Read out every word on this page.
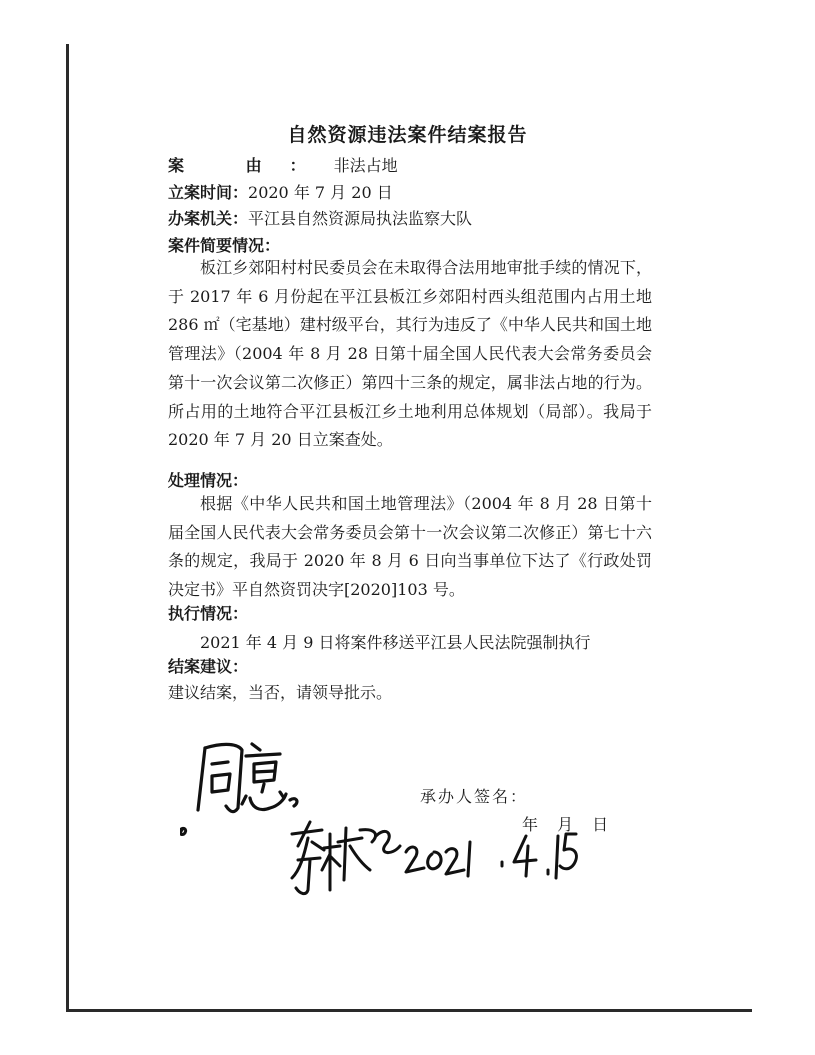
自然资源违法案件结案报告
案 由：非法占地
立案时间：2020 年 7 月 20 日
办案机关：平江县自然资源局执法监察大队
案件简要情况：
板江乡郊阳村村民委员会在未取得合法用地审批手续的情况下，于 2017 年 6 月份起在平江县板江乡郊阳村西头组范围内占用土地 286 ㎡（宅基地）建村级平台，其行为违反了《中华人民共和国土地管理法》（2004 年 8 月 28 日第十届全国人民代表大会常务委员会第十一次会议第二次修正）第四十三条的规定，属非法占地的行为。所占用的土地符合平江县板江乡土地利用总体规划（局部）。我局于 2020 年 7 月 20 日立案查处。
处理情况：
根据《中华人民共和国土地管理法》（2004 年 8 月 28 日第十届全国人民代表大会常务委员会第十一次会议第二次修正）第七十六条的规定，我局于 2020 年 8 月 6 日向当事单位下达了《行政处罚决定书》平自然资罚决字[2020]103 号。
执行情况：
2021 年 4 月 9 日将案件移送平江县人民法院强制执行
结案建议：
建议结案，当否，请领导批示。
承办人签名：
年 月 日
